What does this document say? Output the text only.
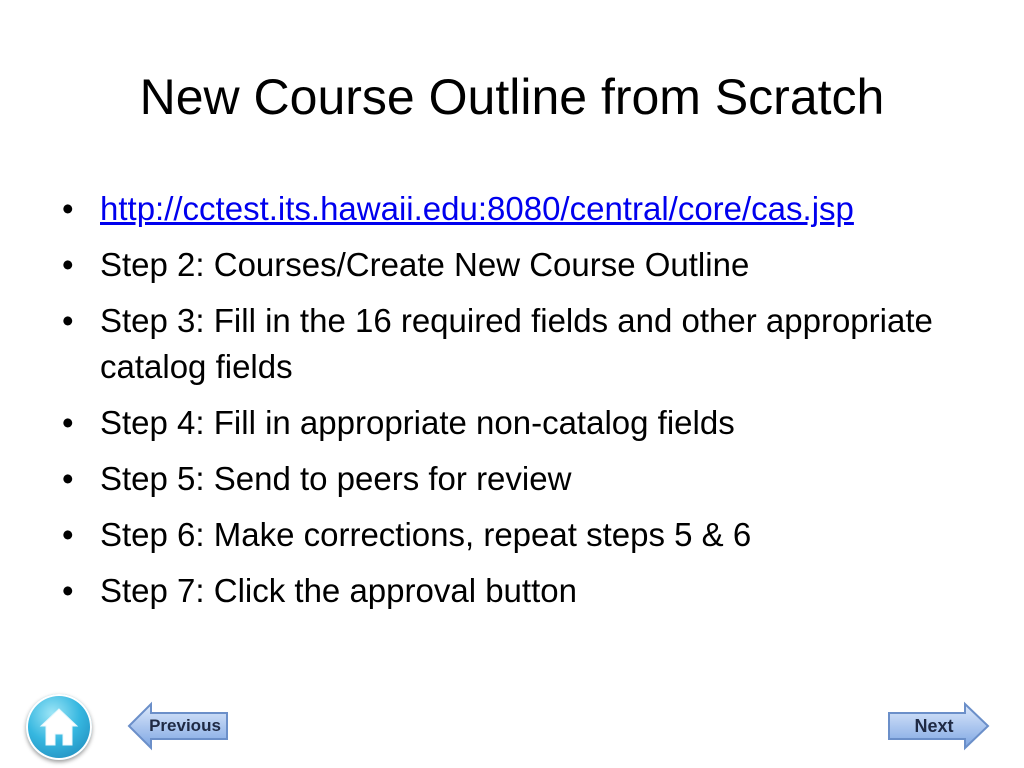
New Course Outline from Scratch
• http://cctest.its.hawaii.edu:8080/central/core/cas.jsp
• Step 2: Courses/Create New Course Outline
• Step 3: Fill in the 16 required fields and other appropriate catalog fields
• Step 4: Fill in appropriate non-catalog fields
• Step 5: Send to peers for review
• Step 6: Make corrections, repeat steps 5 & 6
• Step 7: Click the approval button
Previous	Next
